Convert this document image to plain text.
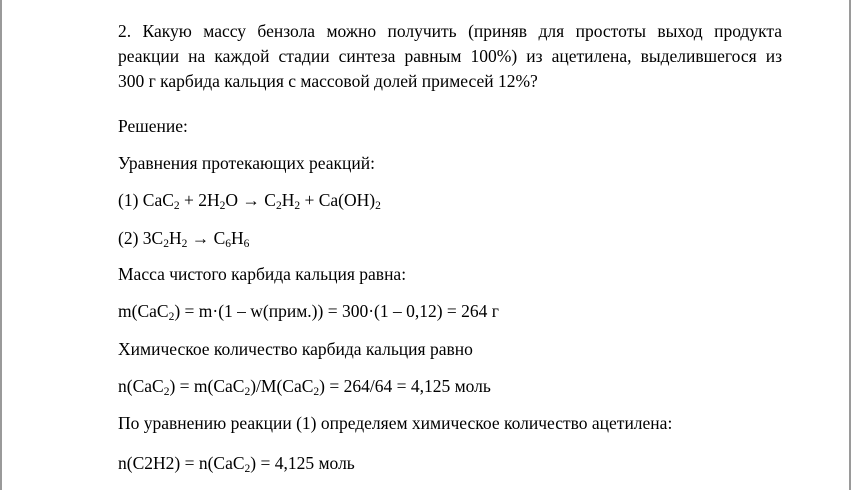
2. Какую массу бензола можно получить (приняв для простоты выход продукта

реакции на каждой стадии синтеза равным 100%) из ацетилена, выделившегося из

300 г карбида кальция с массовой долей примесей 12%?

Решение:
Уравнения протекающих реакций:
(1) $CaC_2 + 2H_2O \to C_2H_2 + Ca(OH)_2$
(2) $3C_2H_2 \to C_6H_6$
Масса чистого карбида кальция равна:
m(CaC$_2$) = m·(1 – w(прим.)) = 300·(1 – 0,12) = 264 г
Химическое количество карбида кальция равно
n(CaC$_2$) = m(CaC$_2$)/M(CaC$_2$) = 264/64 = 4,125 моль
По уравнению реакции (1) определяем химическое количество ацетилена:
n(C2H2) = n(CaC$_2$) = 4,125 моль
